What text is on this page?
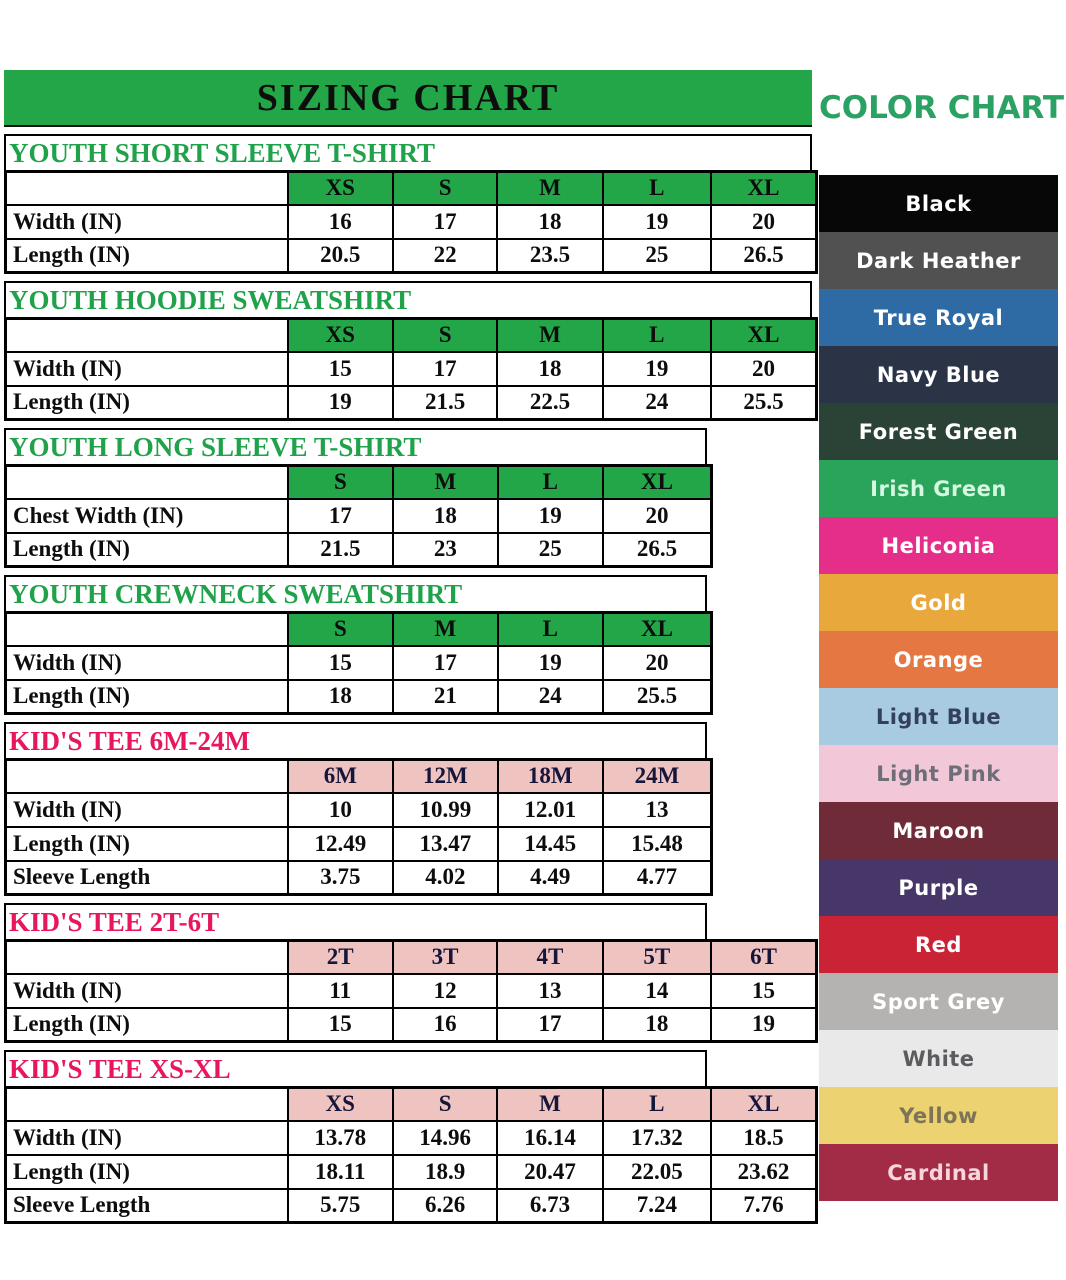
SIZING CHART
YOUTH SHORT SLEEVE T-SHIRT
	XS	S	M	L	XL
Width (IN)	16	17	18	19	20
Length (IN)	20.5	22	23.5	25	26.5
YOUTH HOODIE SWEATSHIRT
	XS	S	M	L	XL
Width (IN)	15	17	18	19	20
Length (IN)	19	21.5	22.5	24	25.5
YOUTH LONG SLEEVE T-SHIRT
	S	M	L	XL
Chest Width (IN)	17	18	19	20
Length (IN)	21.5	23	25	26.5
YOUTH CREWNECK SWEATSHIRT
	S	M	L	XL
Width (IN)	15	17	19	20
Length (IN)	18	21	24	25.5
KID'S TEE 6M-24M
	6M	12M	18M	24M
Width (IN)	10	10.99	12.01	13
Length (IN)	12.49	13.47	14.45	15.48
Sleeve Length	3.75	4.02	4.49	4.77
KID'S TEE 2T-6T
	2T	3T	4T	5T	6T
Width (IN)	11	12	13	14	15
Length (IN)	15	16	17	18	19
KID'S TEE XS-XL
	XS	S	M	L	XL
Width (IN)	13.78	14.96	16.14	17.32	18.5
Length (IN)	18.11	18.9	20.47	22.05	23.62
Sleeve Length	5.75	6.26	6.73	7.24	7.76
COLOR CHART
Black
Dark Heather
True Royal
Navy Blue
Forest Green
Irish Green
Heliconia
Gold
Orange
Light Blue
Light Pink
Maroon
Purple
Red
Sport Grey
White
Yellow
Cardinal
